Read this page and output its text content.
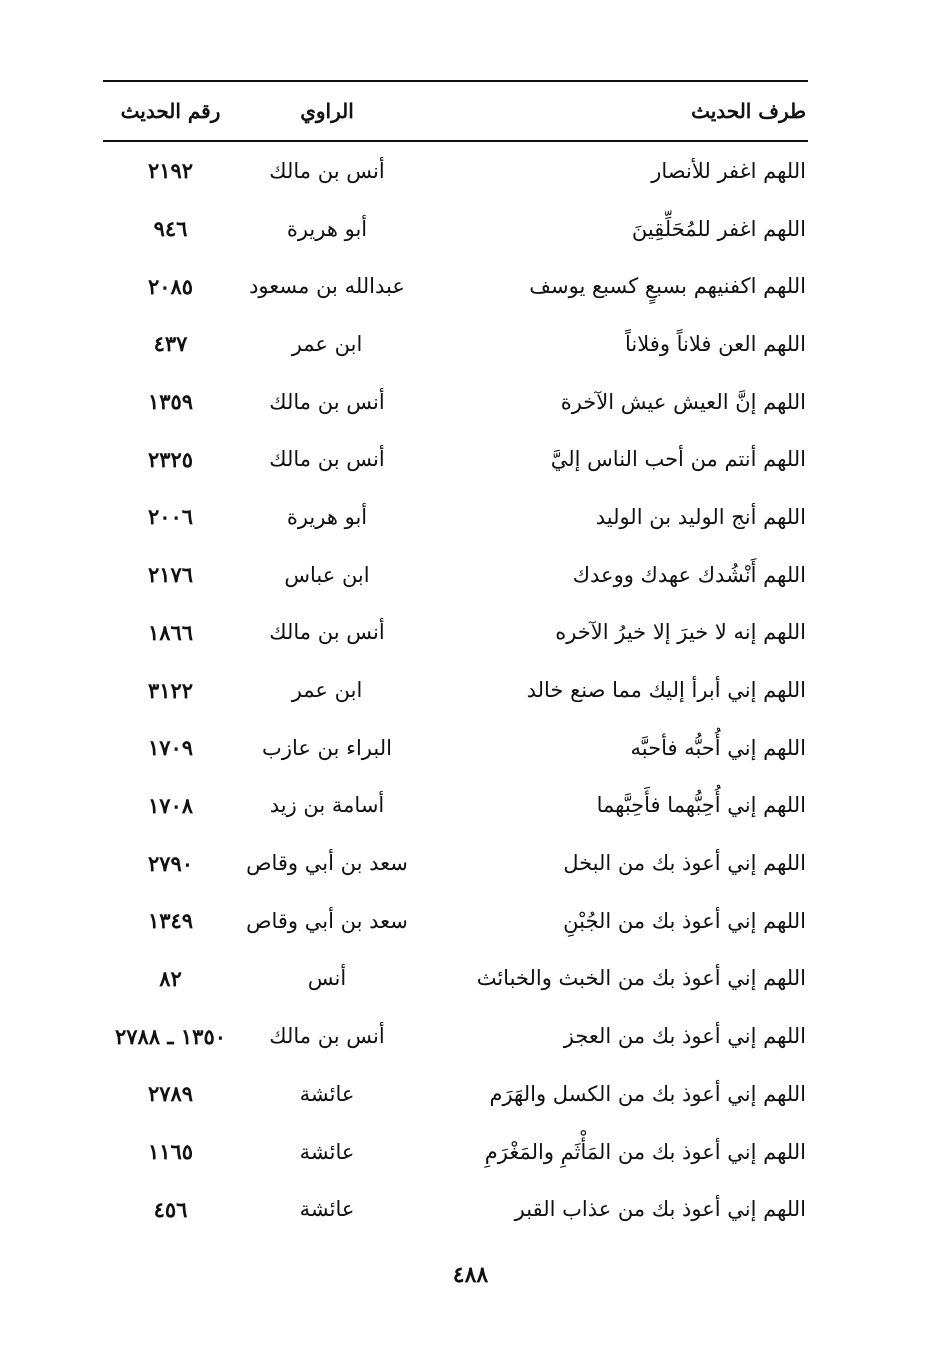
طرف الحديث
الراوي
رقم الحديث
اللهم اغفر للأنصار
أنس بن مالك
٢١٩٢
اللهم اغفر للمُحَلِّقِينَ
أبو هريرة
٩٤٦
اللهم اكفنيهم بسبعٍ كسبع يوسف
عبدالله بن مسعود
٢٠٨٥
اللهم العن فلاناً وفلاناً
ابن عمر
٤٣٧
اللهم إنَّ العيش عيش الآخرة
أنس بن مالك
١٣٥٩
اللهم أنتم من أحب الناس إليَّ
أنس بن مالك
٢٣٢٥
اللهم أنج الوليد بن الوليد
أبو هريرة
٢٠٠٦
اللهم أَنْشُدك عهدك ووعدك
ابن عباس
٢١٧٦
اللهم إنه لا خيرَ إلا خيرُ الآخره
أنس بن مالك
١٨٦٦
اللهم إني أبرأ إليك مما صنع خالد
ابن عمر
٣١٢٢
اللهم إني أُحبُّه فأحبَّه
البراء بن عازب
١٧٠٩
اللهم إني أُحِبُّهما فأَحِبَّهما
أسامة بن زيد
١٧٠٨
اللهم إني أعوذ بك من البخل
سعد بن أبي وقاص
٢٧٩٠
اللهم إني أعوذ بك من الجُبْنِ
سعد بن أبي وقاص
١٣٤٩
اللهم إني أعوذ بك من الخبث والخبائث
أنس
٨٢
اللهم إني أعوذ بك من العجز
أنس بن مالك
١٣٥٠ ـ ٢٧٨٨
اللهم إني أعوذ بك من الكسل والهَرَم
عائشة
٢٧٨٩
اللهم إني أعوذ بك من المَأْثَمِ والمَغْرَمِ
عائشة
١١٦٥
اللهم إني أعوذ بك من عذاب القبر
عائشة
٤٥٦
٤٨٨
